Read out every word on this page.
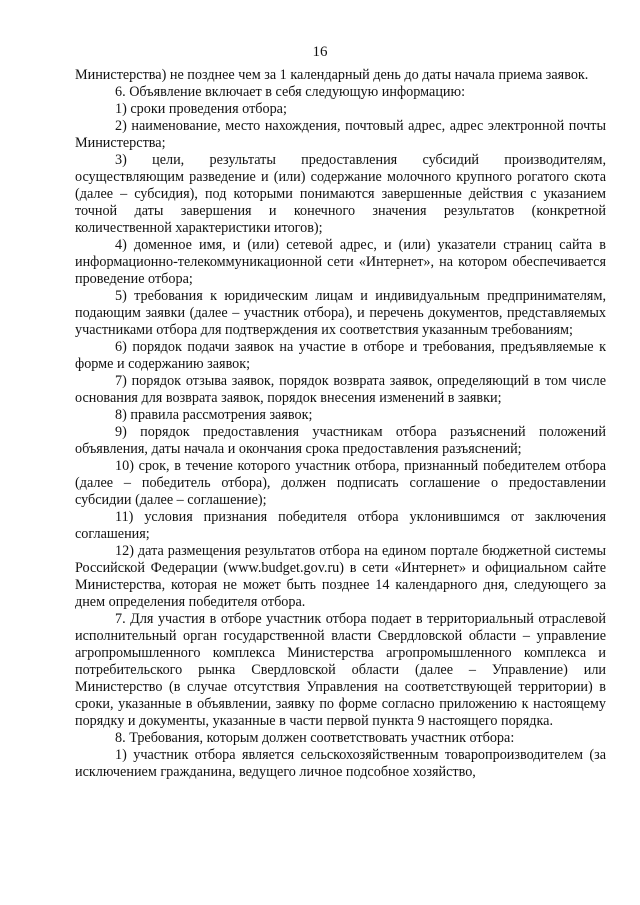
16

Министерства) не позднее чем за 1 календарный день до даты начала приема заявок.

6. Объявление включает в себя следующую информацию:

1) сроки проведения отбора;

2) наименование, место нахождения, почтовый адрес, адрес электронной почты Министерства;

3) цели, результаты предоставления субсидий производителям, осуществляющим разведение и (или) содержание молочного крупного рогатого скота (далее – субсидия), под которыми понимаются завершенные действия с указанием точной даты завершения и конечного значения результатов (конкретной количественной характеристики итогов);

4) доменное имя, и (или) сетевой адрес, и (или) указатели страниц сайта в информационно-телекоммуникационной сети «Интернет», на котором обеспечивается проведение отбора;

5) требования к юридическим лицам и индивидуальным предпринимателям, подающим заявки (далее – участник отбора), и перечень документов, представляемых участниками отбора для подтверждения их соответствия указанным требованиям;

6) порядок подачи заявок на участие в отборе и требования, предъявляемые к форме и содержанию заявок;

7) порядок отзыва заявок, порядок возврата заявок, определяющий в том числе основания для возврата заявок, порядок внесения изменений в заявки;

8) правила рассмотрения заявок;

9) порядок предоставления участникам отбора разъяснений положений объявления, даты начала и окончания срока предоставления разъяснений;

10) срок, в течение которого участник отбора, признанный победителем отбора (далее – победитель отбора), должен подписать соглашение о предоставлении субсидии (далее – соглашение);

11) условия признания победителя отбора уклонившимся от заключения соглашения;

12) дата размещения результатов отбора на едином портале бюджетной системы Российской Федерации (www.budget.gov.ru) в сети «Интернет» и официальном сайте Министерства, которая не может быть позднее 14 календарного дня, следующего за днем определения победителя отбора.

7. Для участия в отборе участник отбора подает в территориальный отраслевой исполнительный орган государственной власти Свердловской области – управление агропромышленного комплекса Министерства агропромышленного комплекса и потребительского рынка Свердловской области (далее – Управление) или Министерство (в случае отсутствия Управления на соответствующей территории) в сроки, указанные в объявлении, заявку по форме согласно приложению к настоящему порядку и документы, указанные в части первой пункта 9 настоящего порядка.

8. Требования, которым должен соответствовать участник отбора:

1) участник отбора является сельскохозяйственным товаропроизводителем (за исключением гражданина, ведущего личное подсобное хозяйство,
